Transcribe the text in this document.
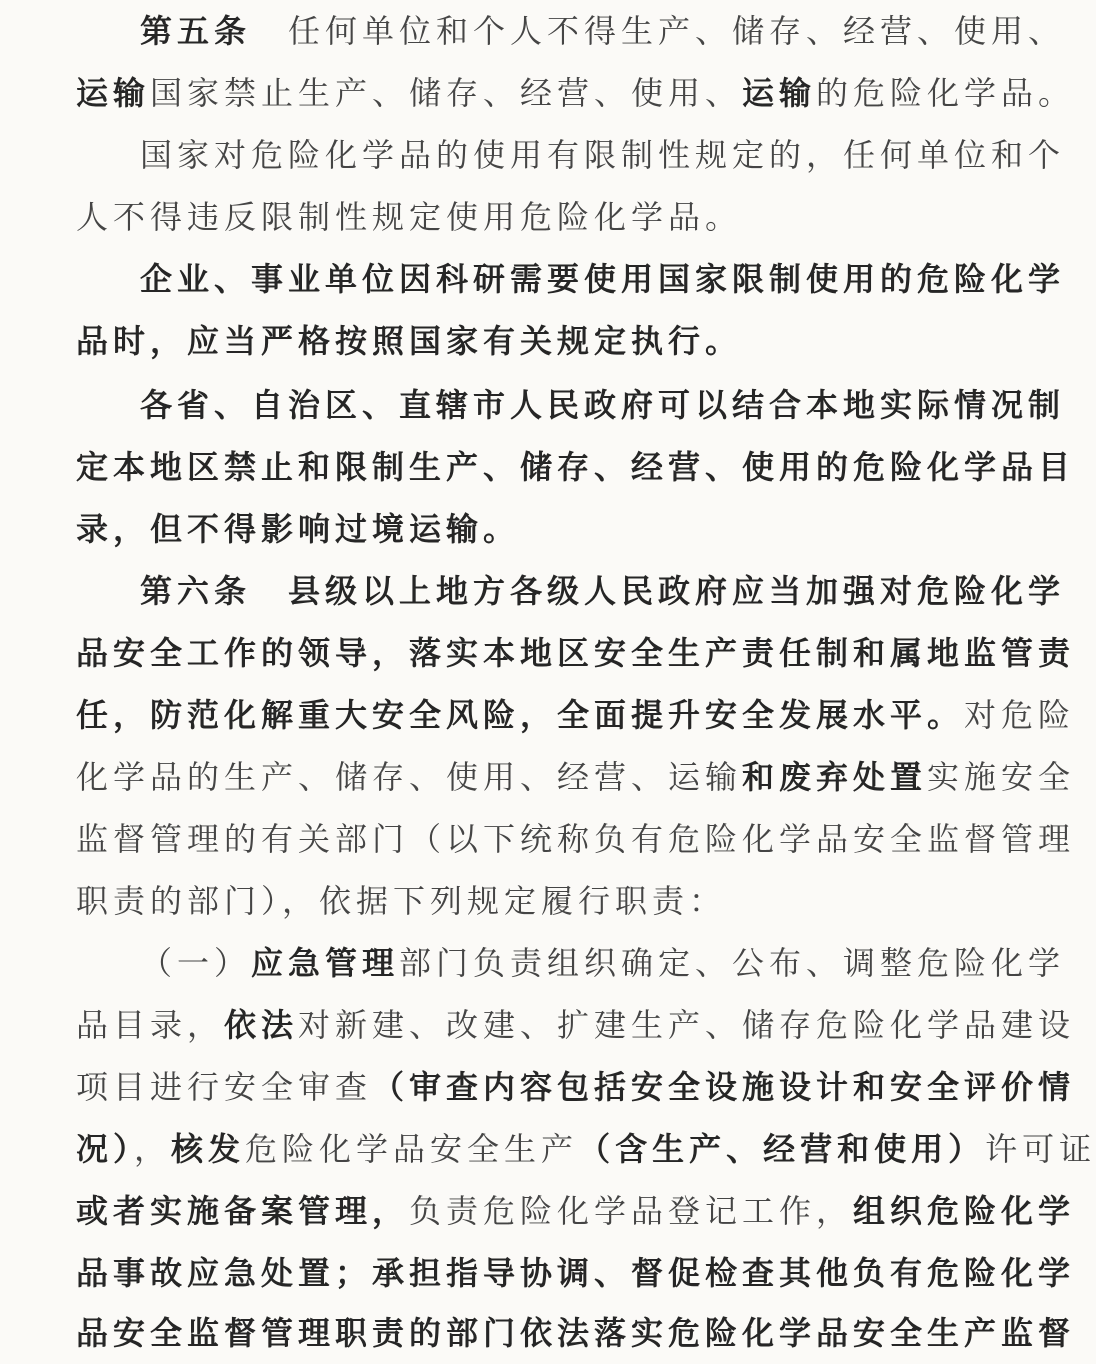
第五条　任何单位和个人不得生产、储存、经营、使用、
运输国家禁止生产、储存、经营、使用、运输的危险化学品。
国家对危险化学品的使用有限制性规定的，任何单位和个
人不得违反限制性规定使用危险化学品。
企业、事业单位因科研需要使用国家限制使用的危险化学
品时，应当严格按照国家有关规定执行。
各省、自治区、直辖市人民政府可以结合本地实际情况制
定本地区禁止和限制生产、储存、经营、使用的危险化学品目
录，但不得影响过境运输。
第六条　县级以上地方各级人民政府应当加强对危险化学
品安全工作的领导，落实本地区安全生产责任制和属地监管责
任，防范化解重大安全风险，全面提升安全发展水平。对危险
化学品的生产、储存、使用、经营、运输和废弃处置实施安全
监督管理的有关部门（以下统称负有危险化学品安全监督管理
职责的部门），依据下列规定履行职责：
（一）应急管理部门负责组织确定、公布、调整危险化学
品目录，依法对新建、改建、扩建生产、储存危险化学品建设
项目进行安全审查（审查内容包括安全设施设计和安全评价情
况），核发危险化学品安全生产（含生产、经营和使用）许可证
或者实施备案管理，负责危险化学品登记工作，组织危险化学
品事故应急处置；承担指导协调、督促检查其他负有危险化学
品安全监督管理职责的部门依法落实危险化学品安全生产监督
